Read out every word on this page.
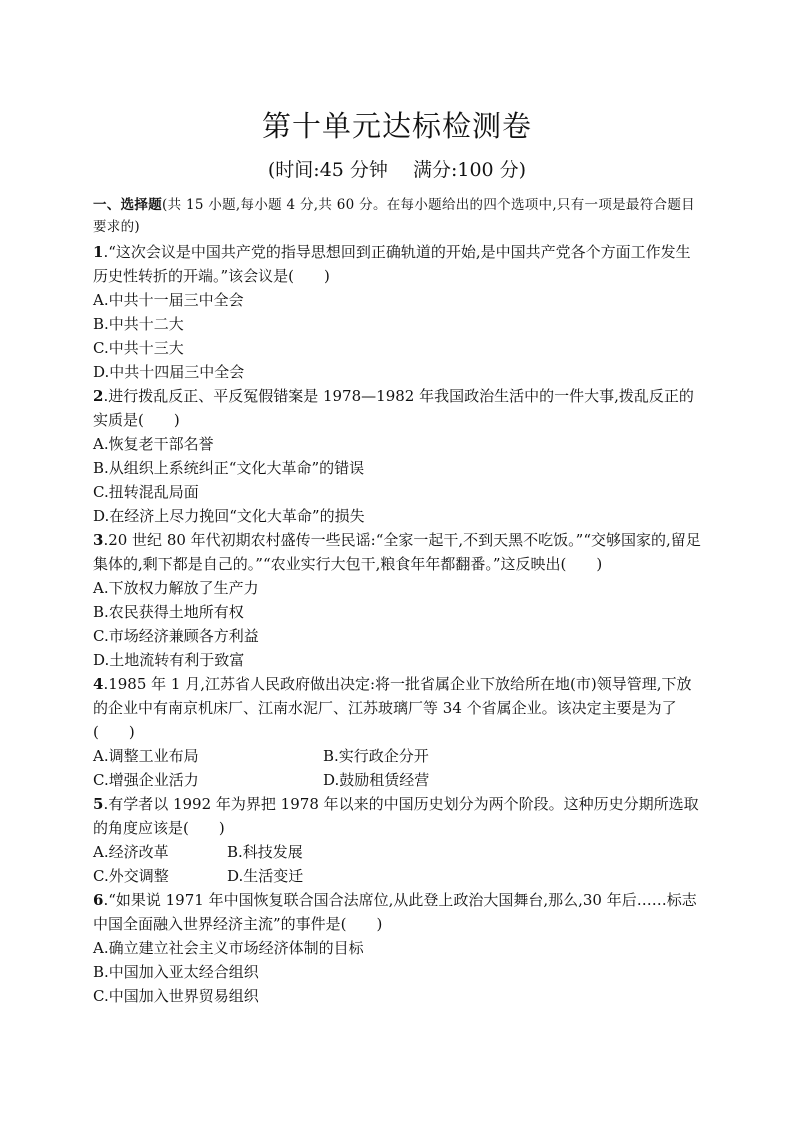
第十单元达标检测卷
(时间:45 分钟　 满分:100 分)
一、选择题(共 15 小题,每小题 4 分,共 60 分。在每小题给出的四个选项中,只有一项是最符合题目要求的)
1.“这次会议是中国共产党的指导思想回到正确轨道的开始,是中国共产党各个方面工作发生历史性转折的开端。”该会议是(　　)
A.中共十一届三中全会
B.中共十二大
C.中共十三大
D.中共十四届三中全会
2.进行拨乱反正、平反冤假错案是 1978—1982 年我国政治生活中的一件大事,拨乱反正的实质是(　　)
A.恢复老干部名誉
B.从组织上系统纠正“文化大革命”的错误
C.扭转混乱局面
D.在经济上尽力挽回“文化大革命”的损失
3.20 世纪 80 年代初期农村盛传一些民谣:“全家一起干,不到天黑不吃饭。”“交够国家的,留足集体的,剩下都是自己的。”“农业实行大包干,粮食年年都翻番。”这反映出(　　)
A.下放权力解放了生产力
B.农民获得土地所有权
C.市场经济兼顾各方利益
D.土地流转有利于致富
4.1985 年 1 月,江苏省人民政府做出决定:将一批省属企业下放给所在地(市)领导管理,下放的企业中有南京机床厂、江南水泥厂、江苏玻璃厂等 34 个省属企业。该决定主要是为了(　　)
A.调整工业布局	B.实行政企分开
C.增强企业活力	D.鼓励租赁经营
5.有学者以 1992 年为界把 1978 年以来的中国历史划分为两个阶段。这种历史分期所选取的角度应该是(　　)
A.经济改革	B.科技发展
C.外交调整	D.生活变迁
6.“如果说 1971 年中国恢复联合国合法席位,从此登上政治大国舞台,那么,30 年后……标志中国全面融入世界经济主流”的事件是(　　)
A.确立建立社会主义市场经济体制的目标
B.中国加入亚太经合组织
C.中国加入世界贸易组织
